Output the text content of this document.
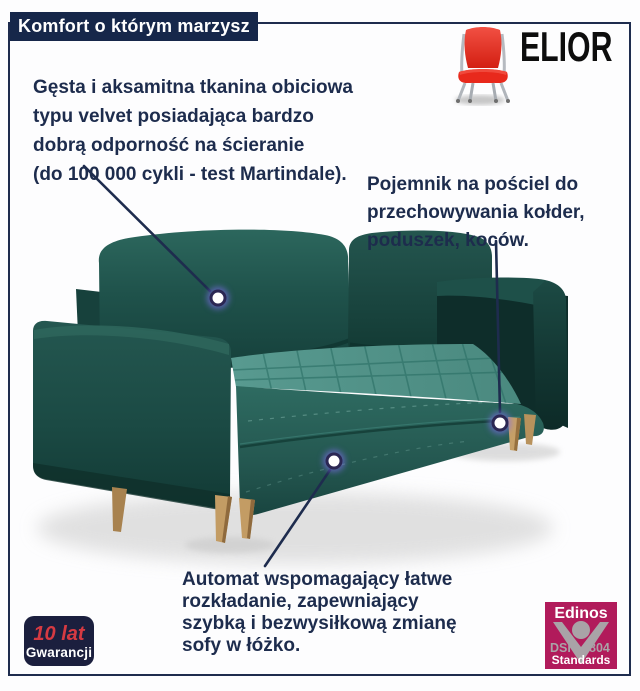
Komfort o którym marzysz	ELIOR
Gęsta i aksamitna tkanina obiciowa
typu velvet posiadająca bardzo
dobrą odporność na ścieranie
(do 100 000 cykli - test Martindale).	Pojemnik na pościel do
przechowywania kołder,
poduszek, koców.
Automat wspomagający łatwe
rozkładanie, zapewniający
szybką i bezwysiłkową zmianę
sofy w łóżko.
10 lat
Gwarancji
Edinos
DSI 804
Standards
